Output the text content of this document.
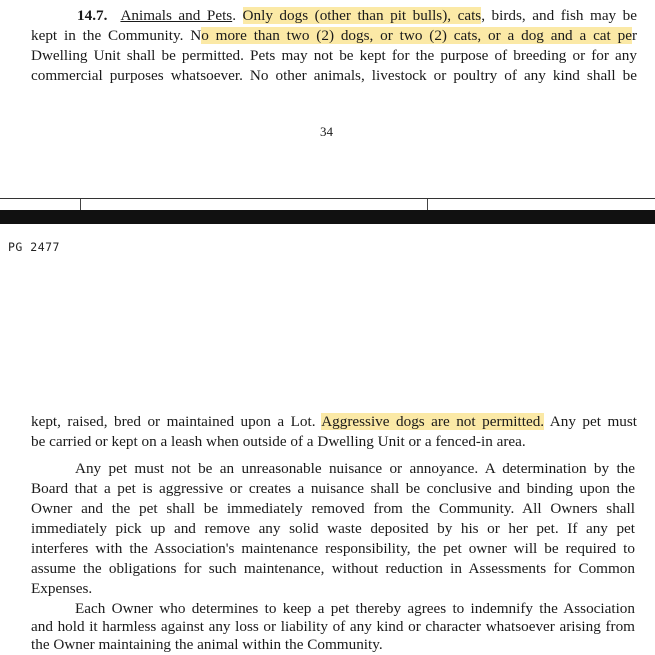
14.7. Animals and Pets. Only dogs (other than pit bulls), cats, birds, and fish may be
kept in the Community. No more than two (2) dogs, or two (2) cats, or a dog and a cat per
Dwelling Unit shall be permitted. Pets may not be kept for the purpose of breeding or for any
commercial purposes whatsoever. No other animals, livestock or poultry of any kind shall be
34
PG 2477
kept, raised, bred or maintained upon a Lot. Aggressive dogs are not permitted. Any pet must
be carried or kept on a leash when outside of a Dwelling Unit or a fenced-in area.
Any pet must not be an unreasonable nuisance or annoyance. A determination by the
Board that a pet is aggressive or creates a nuisance shall be conclusive and binding upon the
Owner and the pet shall be immediately removed from the Community. All Owners shall
immediately pick up and remove any solid waste deposited by his or her pet. If any pet
interferes with the Association's maintenance responsibility, the pet owner will be required to
assume the obligations for such maintenance, without reduction in Assessments for Common
Expenses.
Each Owner who determines to keep a pet thereby agrees to indemnify the Association
and hold it harmless against any loss or liability of any kind or character whatsoever arising from
the Owner maintaining the animal within the Community.
